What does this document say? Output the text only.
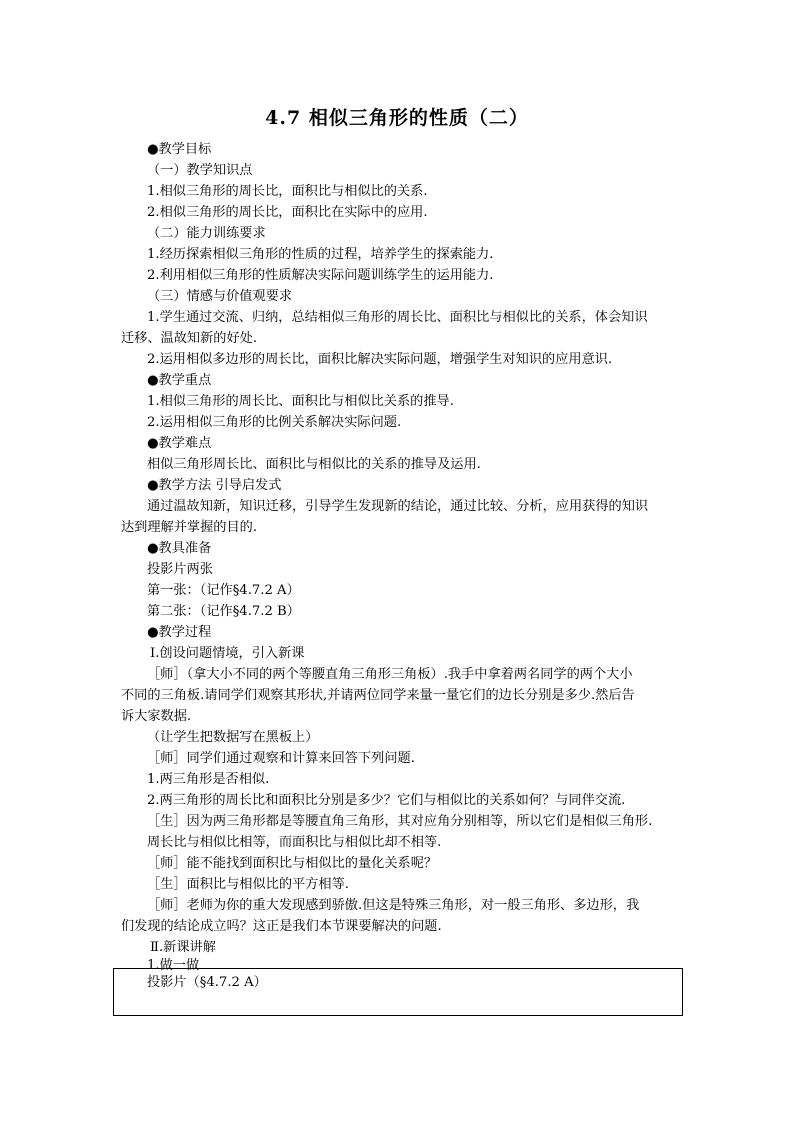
4.7 相似三角形的性质（二）
●教学目标
（一）教学知识点
1.相似三角形的周长比，面积比与相似比的关系.
2.相似三角形的周长比，面积比在实际中的应用.
（二）能力训练要求
1.经历探索相似三角形的性质的过程，培养学生的探索能力.
2.利用相似三角形的性质解决实际问题训练学生的运用能力.
（三）情感与价值观要求
1.学生通过交流、归纳，总结相似三角形的周长比、面积比与相似比的关系，体会知识
迁移、温故知新的好处.
2.运用相似多边形的周长比，面积比解决实际问题，增强学生对知识的应用意识.
●教学重点
1.相似三角形的周长比、面积比与相似比关系的推导.
2.运用相似三角形的比例关系解决实际问题.
●教学难点
相似三角形周长比、面积比与相似比的关系的推导及运用.
●教学方法 引导启发式
通过温故知新，知识迁移，引导学生发现新的结论，通过比较、分析，应用获得的知识
达到理解并掌握的目的.
●教具准备
投影片两张
第一张：（记作§4.7.2 A）
第二张：（记作§4.7.2 B）
●教学过程
Ⅰ.创设问题情境，引入新课
［师］（拿大小不同的两个等腰直角三角形三角板）.我手中拿着两名同学的两个大小
不同的三角板.请同学们观察其形状,并请两位同学来量一量它们的边长分别是多少.然后告
诉大家数据.
（让学生把数据写在黑板上）
［师］同学们通过观察和计算来回答下列问题.
1.两三角形是否相似.
2.两三角形的周长比和面积比分别是多少？它们与相似比的关系如何？与同伴交流.
［生］因为两三角形都是等腰直角三角形，其对应角分别相等，所以它们是相似三角形.
周长比与相似比相等，而面积比与相似比却不相等.
［师］能不能找到面积比与相似比的量化关系呢？
［生］面积比与相似比的平方相等.
［师］老师为你的重大发现感到骄傲.但这是特殊三角形，对一般三角形、多边形，我
们发现的结论成立吗？这正是我们本节课要解决的问题.
Ⅱ.新课讲解
1.做一做
投影片（§4.7.2 A）
